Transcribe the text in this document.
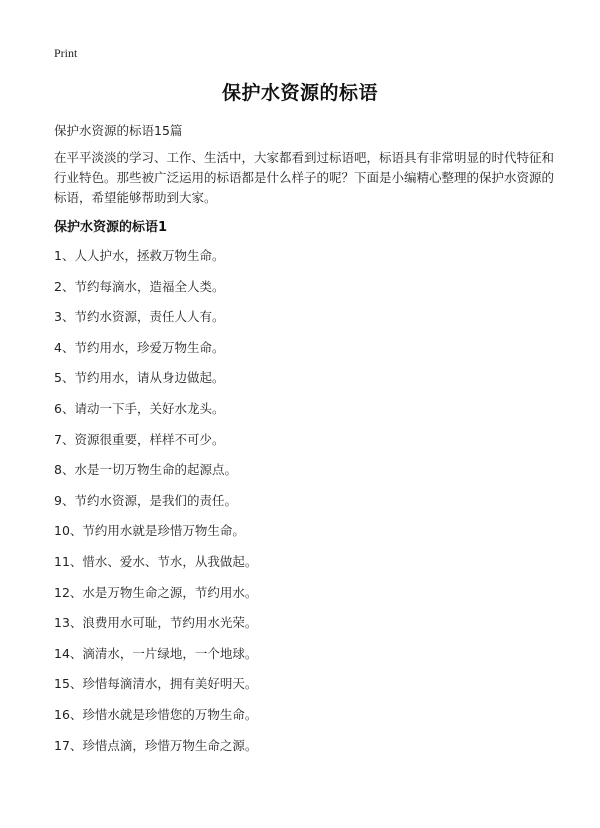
Print
保护水资源的标语
保护水资源的标语15篇

在平平淡淡的学习、工作、生活中，大家都看到过标语吧，标语具有非常明显的时代特征和行业特色。那些被广泛运用的标语都是什么样子的呢？下面是小编精心整理的保护水资源的标语，希望能够帮助到大家。

保护水资源的标语1
1、人人护水，拯救万物生命。
2、节约每滴水，造福全人类。
3、节约水资源，责任人人有。
4、节约用水，珍爱万物生命。
5、节约用水，请从身边做起。
6、请动一下手，关好水龙头。
7、资源很重要，样样不可少。
8、水是一切万物生命的起源点。
9、节约水资源，是我们的责任。
10、节约用水就是珍惜万物生命。
11、惜水、爱水、节水，从我做起。
12、水是万物生命之源，节约用水。
13、浪费用水可耻，节约用水光荣。
14、滴清水，一片绿地，一个地球。
15、珍惜每滴清水，拥有美好明天。
16、珍惜水就是珍惜您的万物生命。
17、珍惜点滴，珍惜万物生命之源。
